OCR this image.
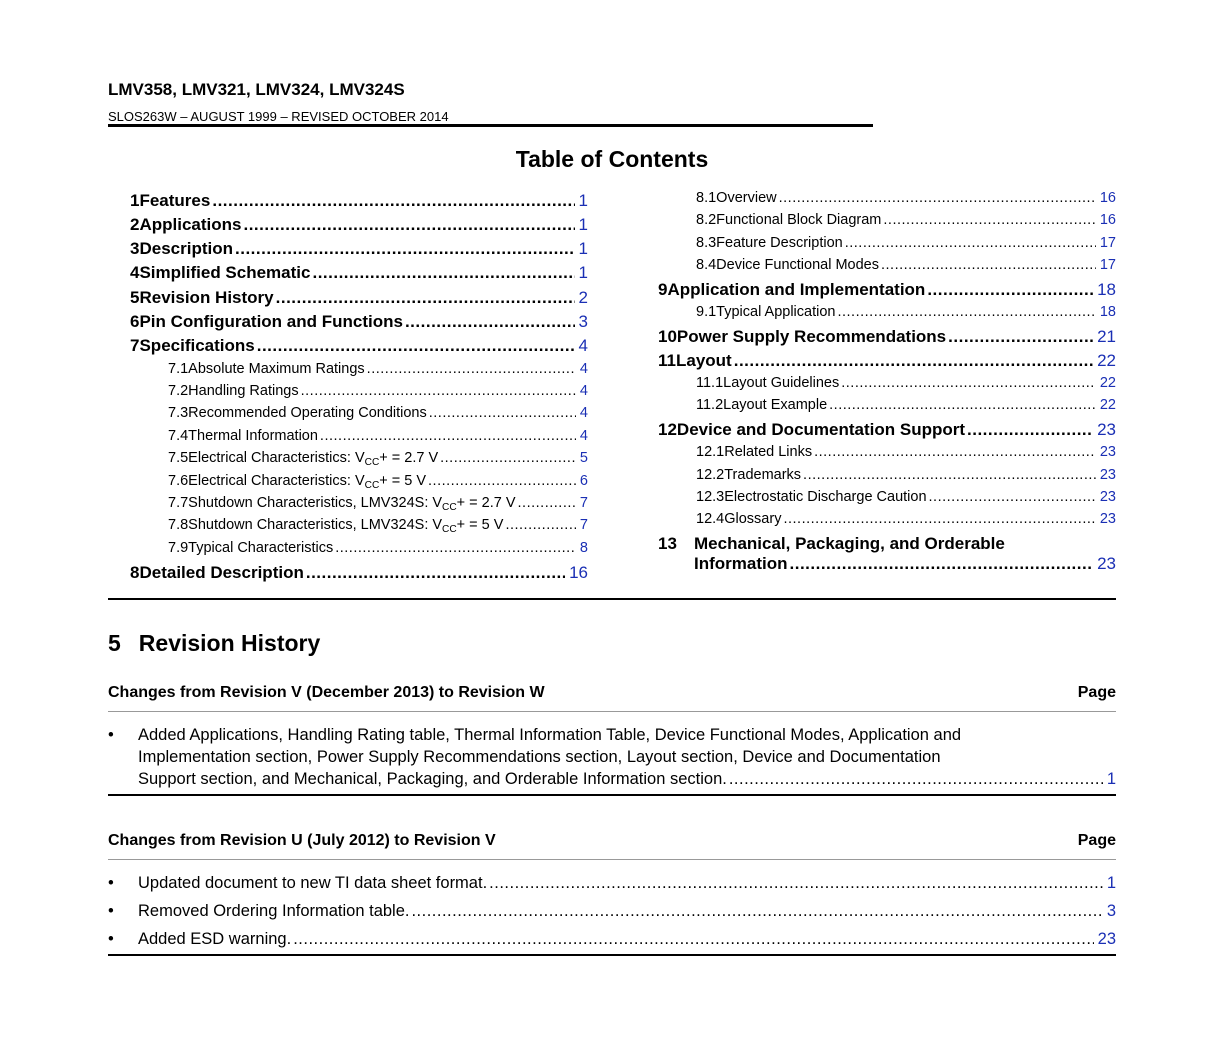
LMV358, LMV321, LMV324, LMV324S
SLOS263W – AUGUST 1999 – REVISED OCTOBER 2014
Table of Contents
1 Features .....	1
2 Applications .....	1
3 Description .....	1
4 Simplified Schematic .....	1
5 Revision History .....	2
6 Pin Configuration and Functions .....	3
7 Specifications .....	4
7.1 Absolute Maximum Ratings .....	4
7.2 Handling Ratings .....	4
7.3 Recommended Operating Conditions .....	4
7.4 Thermal Information .....	4
7.5 Electrical Characteristics: $V_{CC}+ = 2.7$ V .....	5
7.6 Electrical Characteristics: $V_{CC}+ = 5$ V .....	6
7.7 Shutdown Characteristics, LMV324S: $V_{CC}+ = 2.7$ V .....	7
7.8 Shutdown Characteristics, LMV324S: $V_{CC}+ = 5$ V .....	7
7.9 Typical Characteristics .....	8
8 Detailed Description .....	16
8.1 Overview .....	16
8.2 Functional Block Diagram .....	16
8.3 Feature Description .....	17
8.4 Device Functional Modes .....	17
9 Application and Implementation .....	18
9.1 Typical Application .....	18
10 Power Supply Recommendations .....	21
11 Layout .....	22
11.1 Layout Guidelines .....	22
11.2 Layout Example .....	22
12 Device and Documentation Support .....	23
12.1 Related Links .....	23
12.2 Trademarks .....	23
12.3 Electrostatic Discharge Caution .....	23
12.4 Glossary .....	23
13	Mechanical, Packaging, and Orderable
Information .....	23
5 Revision History
Changes from Revision V (December 2013) to Revision W	Page
• Added Applications, Handling Rating table, Thermal Information Table, Device Functional Modes, Application and
Implementation section, Power Supply Recommendations section, Layout section, Device and Documentation
Support section, and Mechanical, Packaging, and Orderable Information section. .....	1
Changes from Revision U (July 2012) to Revision V	Page
• Updated document to new TI data sheet format. .....	1
• Removed Ordering Information table. .....	3
• Added ESD warning. .....	23
